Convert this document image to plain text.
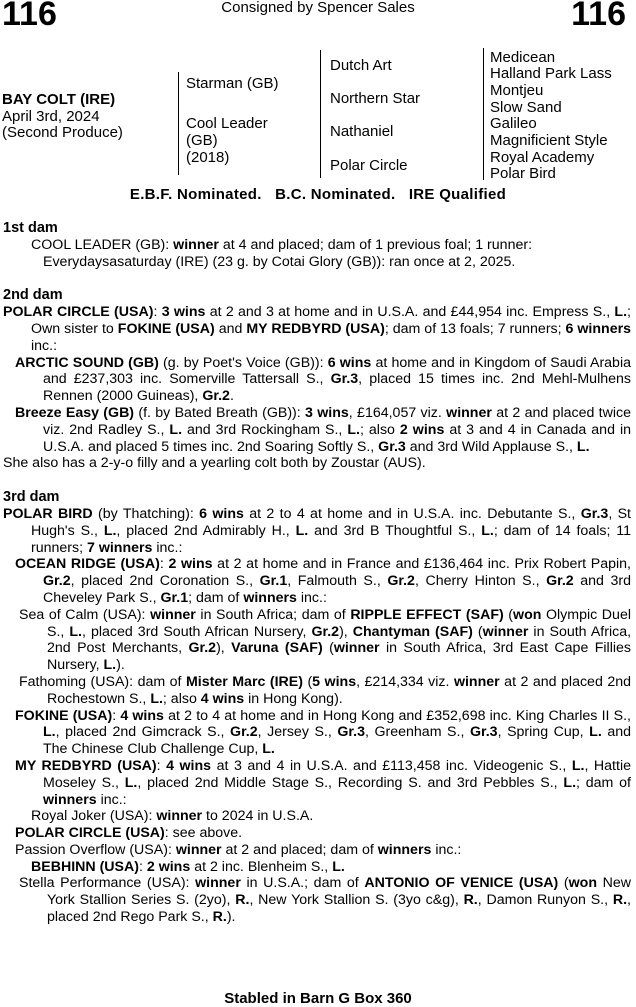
116	Consigned by Spencer Sales	116
BAY COLT (IRE)
April 3rd, 2024
(Second Produce)
Starman (GB)
Cool Leader
(GB)
(2018)
Dutch Art
Northern Star
Nathaniel
Polar Circle
Medicean
Halland Park Lass
Montjeu
Slow Sand
Galileo
Magnificient Style
Royal Academy
Polar Bird
E.B.F. Nominated.   B.C. Nominated.   IRE Qualified

1st dam

COOL LEADER (GB): winner at 4 and placed; dam of 1 previous foal; 1 runner:
Everydaysasaturday (IRE) (23 g. by Cotai Glory (GB)): ran once at 2, 2025.

2nd dam

POLAR CIRCLE (USA): 3 wins at 2 and 3 at home and in U.S.A. and £44,954 inc. Empress S., L.; Own sister to FOKINE (USA) and MY REDBYRD (USA); dam of 13 foals; 7 runners; 6 winners inc.:

ARCTIC SOUND (GB) (g. by Poet's Voice (GB)): 6 wins at home and in Kingdom of Saudi Arabia and £237,303 inc. Somerville Tattersall S., Gr.3, placed 15 times inc. 2nd Mehl-Mulhens Rennen (2000 Guineas), Gr.2.

Breeze Easy (GB) (f. by Bated Breath (GB)): 3 wins, £164,057 viz. winner at 2 and placed twice viz. 2nd Radley S., L. and 3rd Rockingham S., L.; also 2 wins at 3 and 4 in Canada and in U.S.A. and placed 5 times inc. 2nd Soaring Softly S., Gr.3 and 3rd Wild Applause S., L.

She also has a 2-y-o filly and a yearling colt both by Zoustar (AUS).

3rd dam

POLAR BIRD (by Thatching): 6 wins at 2 to 4 at home and in U.S.A. inc. Debutante S., Gr.3, St Hugh's S., L., placed 2nd Admirably H., L. and 3rd B Thoughtful S., L.; dam of 14 foals; 11 runners; 7 winners inc.:

OCEAN RIDGE (USA): 2 wins at 2 at home and in France and £136,464 inc. Prix Robert Papin, Gr.2, placed 2nd Coronation S., Gr.1, Falmouth S., Gr.2, Cherry Hinton S., Gr.2 and 3rd Cheveley Park S., Gr.1; dam of winners inc.:

Sea of Calm (USA): winner in South Africa; dam of RIPPLE EFFECT (SAF) (won Olympic Duel S., L., placed 3rd South African Nursery, Gr.2), Chantyman (SAF) (winner in South Africa, 2nd Post Merchants, Gr.2), Varuna (SAF) (winner in South Africa, 3rd East Cape Fillies Nursery, L.).

Fathoming (USA): dam of Mister Marc (IRE) (5 wins, £214,334 viz. winner at 2 and placed 2nd Rochestown S., L.; also 4 wins in Hong Kong).

FOKINE (USA): 4 wins at 2 to 4 at home and in Hong Kong and £352,698 inc. King Charles II S., L., placed 2nd Gimcrack S., Gr.2, Jersey S., Gr.3, Greenham S., Gr.3, Spring Cup, L. and The Chinese Club Challenge Cup, L.

MY REDBYRD (USA): 4 wins at 3 and 4 in U.S.A. and £113,458 inc. Videogenic S., L., Hattie Moseley S., L., placed 2nd Middle Stage S., Recording S. and 3rd Pebbles S., L.; dam of winners inc.:

Royal Joker (USA): winner to 2024 in U.S.A.

POLAR CIRCLE (USA): see above.

Passion Overflow (USA): winner at 2 and placed; dam of winners inc.:

BEBHINN (USA): 2 wins at 2 inc. Blenheim S., L.

Stella Performance (USA): winner in U.S.A.; dam of ANTONIO OF VENICE (USA) (won New York Stallion Series S. (2yo), R., New York Stallion S. (3yo c&g), R., Damon Runyon S., R., placed 2nd Rego Park S., R.).

Stabled in Barn G Box 360
